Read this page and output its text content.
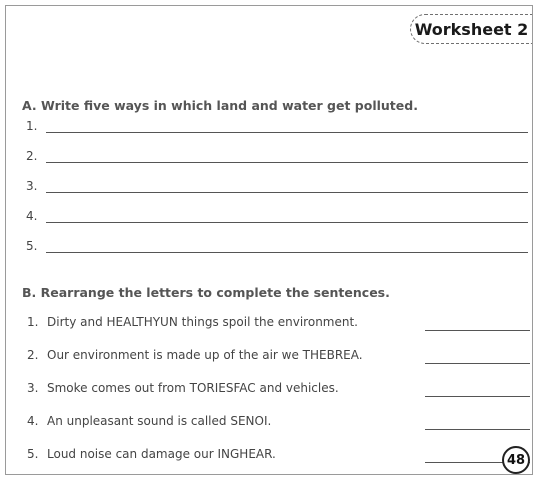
Worksheet 2
A. Write five ways in which land and water get polluted.
1.
2.
3.
4.
5.
B. Rearrange the letters to complete the sentences.
1. Dirty and HEALTHYUN things spoil the environment.
2. Our environment is made up of the air we THEBREA.
3. Smoke comes out from TORIESFAC and vehicles.
4. An unpleasant sound is called SENOI.
5. Loud noise can damage our INGHEAR.	48
